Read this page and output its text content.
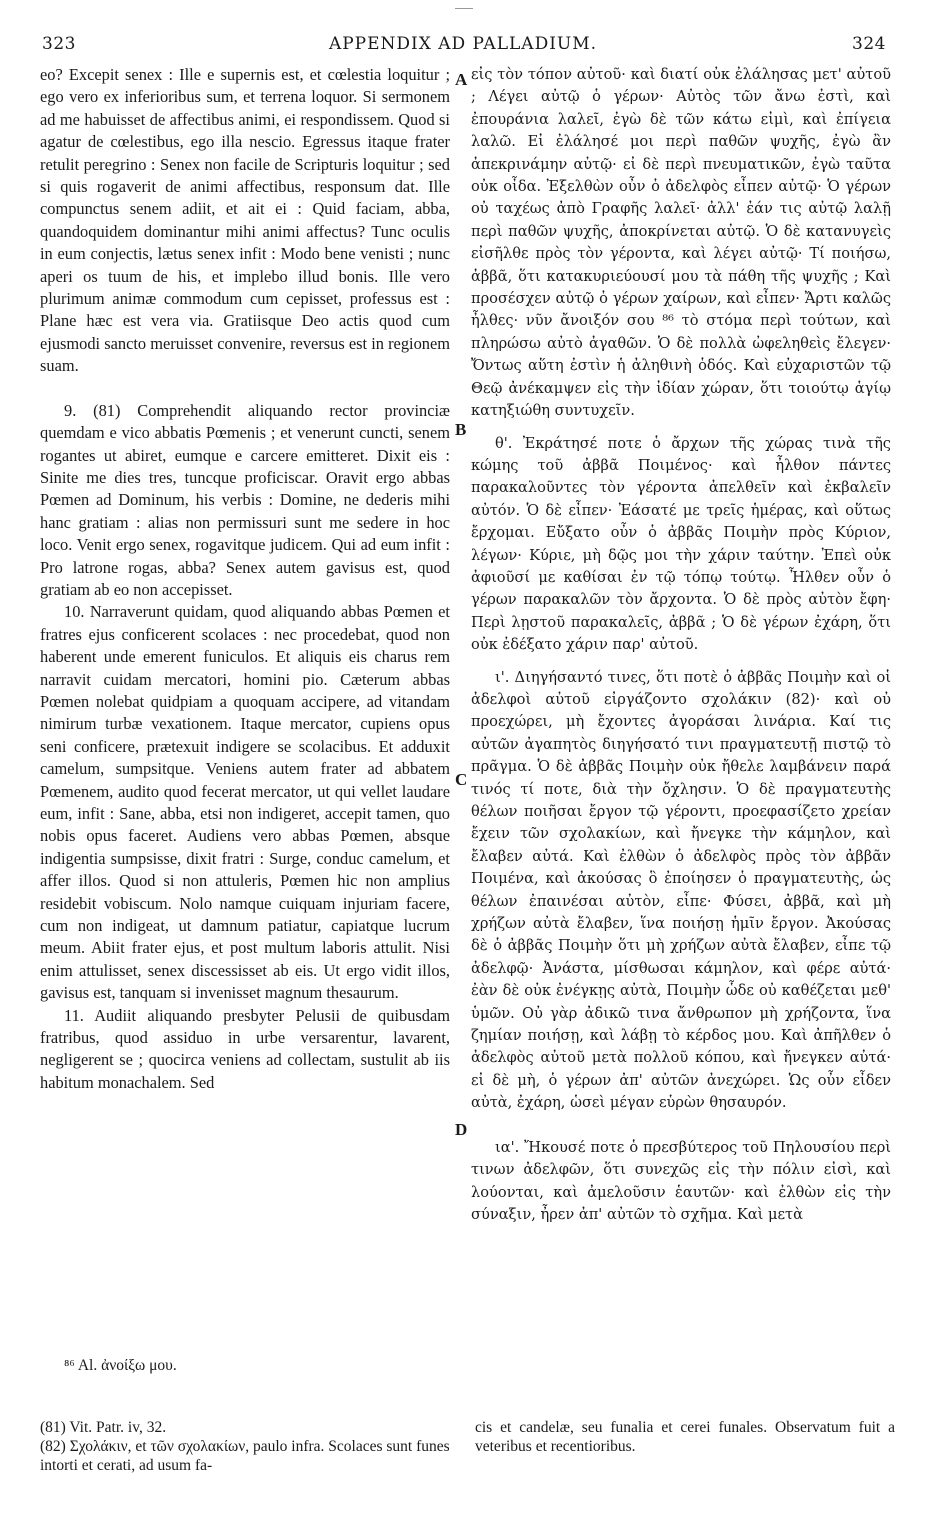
323	APPENDIX AD PALLADIUM.	324

eo? Excepit senex : Ille e supernis est, et cœlestia loquitur ; ego vero ex inferioribus sum, et terrena loquor. Si sermonem ad me habuisset de affectibus animi, ei respondissem. Quod si agatur de cœlestibus, ego illa nescio. Egressus itaque frater retulit peregrino : Senex non facile de Scripturis loquitur ; sed si quis rogaverit de animi affectibus, responsum dat. Ille compunctus senem adiit, et ait ei : Quid faciam, abba, quandoquidem dominantur mihi animi affectus? Tunc oculis in eum conjectis, lætus senex infit : Modo bene venisti ; nunc aperi os tuum de his, et implebo illud bonis. Ille vero plurimum animæ commodum cum cepisset, professus est : Plane hæc est vera via. Gratiisque Deo actis quod cum ejusmodi sancto meruisset convenire, reversus est in regionem suam.

9. (81) Comprehendit aliquando rector provinciæ quemdam e vico abbatis Pœmenis ; et venerunt cuncti, senem rogantes ut abiret, eumque e carcere emitteret. Dixit eis : Sinite me dies tres, tuncque proficiscar. Oravit ergo abbas Pœmen ad Dominum, his verbis : Domine, ne dederis mihi hanc gratiam : alias non permissuri sunt me sedere in hoc loco. Venit ergo senex, rogavitque judicem. Qui ad eum infit : Pro latrone rogas, abba? Senex autem gavisus est, quod gratiam ab eo non accepisset.

10. Narraverunt quidam, quod aliquando abbas Pœmen et fratres ejus conficerent scolaces : nec procedebat, quod non haberent unde emerent funiculos. Et aliquis eis charus rem narravit cuidam mercatori, homini pio. Cæterum abbas Pœmen nolebat quidpiam a quoquam accipere, ad vitandam nimirum turbæ vexationem. Itaque mercator, cupiens opus seni conficere, prætexuit indigere se scolacibus. Et adduxit camelum, sumpsitque. Veniens autem frater ad abbatem Pœmenem, audito quod fecerat mercator, ut qui vellet laudare eum, infit : Sane, abba, etsi non indigeret, accepit tamen, quo nobis opus faceret. Audiens vero abbas Pœmen, absque indigentia sumpsisse, dixit fratri : Surge, conduc camelum, et affer illos. Quod si non attuleris, Pœmen hic non amplius residebit vobiscum. Nolo namque cuiquam injuriam facere, cum non indigeat, ut damnum patiatur, capiatque lucrum meum. Abiit frater ejus, et post multum laboris attulit. Nisi enim attulisset, senex discessisset ab eis. Ut ergo vidit illos, gavisus est, tanquam si invenisset magnum thesaurum.

11. Audiit aliquando presbyter Pelusii de quibusdam fratribus, quod assiduo in urbe versarentur, lavarent, negligerent se ; quocirca veniens ad collectam, sustulit ab iis habitum monachalem. Sed

A
B
C
D

εἰς τὸν τόπον αὐτοῦ· καὶ διατί οὐκ ἐλάλησας μετ' αὐτοῦ ; Λέγει αὐτῷ ὁ γέρων· Αὐτὸς τῶν ἄνω ἐστὶ, καὶ ἐπουράνια λαλεῖ, ἐγὼ δὲ τῶν κάτω εἰμὶ, καὶ ἐπίγεια λαλῶ. Εἰ ἐλάλησέ μοι περὶ παθῶν ψυχῆς, ἐγὼ ἂν ἀπεκρινάμην αὐτῷ· εἰ δὲ περὶ πνευματικῶν, ἐγὼ ταῦτα οὐκ οἶδα. Ἐξελθὼν οὖν ὁ ἀδελφὸς εἶπεν αὐτῷ· Ὁ γέρων οὐ ταχέως ἀπὸ Γραφῆς λαλεῖ· ἀλλ' ἐάν τις αὐτῷ λαλῇ περὶ παθῶν ψυχῆς, ἀποκρίνεται αὐτῷ. Ὁ δὲ κατανυγεὶς εἰσῆλθε πρὸς τὸν γέροντα, καὶ λέγει αὐτῷ· Τί ποιήσω, ἀββᾶ, ὅτι κατακυριεύουσί μου τὰ πάθη τῆς ψυχῆς ; Καὶ προσέσχεν αὐτῷ ὁ γέρων χαίρων, καὶ εἶπεν· Ἄρτι καλῶς ἦλθες· νῦν ἄνοιξόν σου ⁸⁶ τὸ στόμα περὶ τούτων, καὶ πληρώσω αὐτὸ ἀγαθῶν. Ὁ δὲ πολλὰ ὠφεληθεὶς ἔλεγεν· Ὄντως αὕτη ἐστὶν ἡ ἀληθινὴ ὁδός. Καὶ εὐχαριστῶν τῷ Θεῷ ἀνέκαμψεν εἰς τὴν ἰδίαν χώραν, ὅτι τοιούτῳ ἁγίῳ κατηξιώθη συντυχεῖν.

θ'. Ἐκράτησέ ποτε ὁ ἄρχων τῆς χώρας τινὰ τῆς κώμης τοῦ ἀββᾶ Ποιμένος· καὶ ἦλθον πάντες παρακαλοῦντες τὸν γέροντα ἀπελθεῖν καὶ ἐκβαλεῖν αὐτόν. Ὁ δὲ εἶπεν· Ἐάσατέ με τρεῖς ἡμέρας, καὶ οὕτως ἔρχομαι. Εὔξατο οὖν ὁ ἀββᾶς Ποιμὴν πρὸς Κύριον, λέγων· Κύριε, μὴ δῷς μοι τὴν χάριν ταύτην. Ἐπεὶ οὐκ ἀφιοῦσί με καθίσαι ἐν τῷ τόπῳ τούτῳ. Ἦλθεν οὖν ὁ γέρων παρακαλῶν τὸν ἄρχοντα. Ὁ δὲ πρὸς αὐτὸν ἔφη· Περὶ λῃστοῦ παρακαλεῖς, ἀββᾶ ; Ὁ δὲ γέρων ἐχάρη, ὅτι οὐκ ἐδέξατο χάριν παρ' αὐτοῦ.

ι'. Διηγήσαντό τινες, ὅτι ποτὲ ὁ ἀββᾶς Ποιμὴν καὶ οἱ ἀδελφοὶ αὐτοῦ εἰργάζοντο σχολάκιν (82)· καὶ οὐ προεχώρει, μὴ ἔχοντες ἀγοράσαι λινάρια. Καί τις αὐτῶν ἀγαπητὸς διηγήσατό τινι πραγματευτῇ πιστῷ τὸ πρᾶγμα. Ὁ δὲ ἀββᾶς Ποιμὴν οὐκ ἤθελε λαμβάνειν παρά τινός τί ποτε, διὰ τὴν ὄχλησιν. Ὁ δὲ πραγματευτὴς θέλων ποιῆσαι ἔργον τῷ γέροντι, προεφασίζετο χρείαν ἔχειν τῶν σχολακίων, καὶ ἤνεγκε τὴν κάμηλον, καὶ ἔλαβεν αὐτά. Καὶ ἐλθὼν ὁ ἀδελφὸς πρὸς τὸν ἀββᾶν Ποιμένα, καὶ ἀκούσας ὃ ἐποίησεν ὁ πραγματευτὴς, ὡς θέλων ἐπαινέσαι αὐτὸν, εἶπε· Φύσει, ἀββᾶ, καὶ μὴ χρήζων αὐτὰ ἔλαβεν, ἵνα ποιήσῃ ἡμῖν ἔργον. Ἀκούσας δὲ ὁ ἀββᾶς Ποιμὴν ὅτι μὴ χρήζων αὐτὰ ἔλαβεν, εἶπε τῷ ἀδελφῷ· Ἀνάστα, μίσθωσαι κάμηλον, καὶ φέρε αὐτά· ἐὰν δὲ οὐκ ἐνέγκῃς αὐτὰ, Ποιμὴν ὧδε οὐ καθέζεται μεθ' ὑμῶν. Οὐ γὰρ ἀδικῶ τινα ἄνθρωπον μὴ χρήζοντα, ἵνα ζημίαν ποιήσῃ, καὶ λάβῃ τὸ κέρδος μου. Καὶ ἀπῆλθεν ὁ ἀδελφὸς αὐτοῦ μετὰ πολλοῦ κόπου, καὶ ἤνεγκεν αὐτά· εἰ δὲ μὴ, ὁ γέρων ἀπ' αὐτῶν ἀνεχώρει. Ὡς οὖν εἶδεν αὐτὰ, ἐχάρη, ὡσεὶ μέγαν εὑρὼν θησαυρόν.

ια'. Ἤκουσέ ποτε ὁ πρεσβύτερος τοῦ Πηλουσίου περὶ τινων ἀδελφῶν, ὅτι συνεχῶς εἰς τὴν πόλιν εἰσὶ, καὶ λούονται, καὶ ἀμελοῦσιν ἑαυτῶν· καὶ ἐλθὼν εἰς τὴν σύναξιν, ἦρεν ἀπ' αὐτῶν τὸ σχῆμα. Καὶ μετὰ

⁸⁶ Al. ἀνοίξω μου.
(81) Vit. Patr. iv, 32.
(82) Σχολάκιν, et τῶν σχολακίων, paulo infra. Scolaces sunt funes intorti et cerati, ad usum fa-
cis et candelæ, seu funalia et cerei funales. Observatum fuit a veteribus et recentioribus.
